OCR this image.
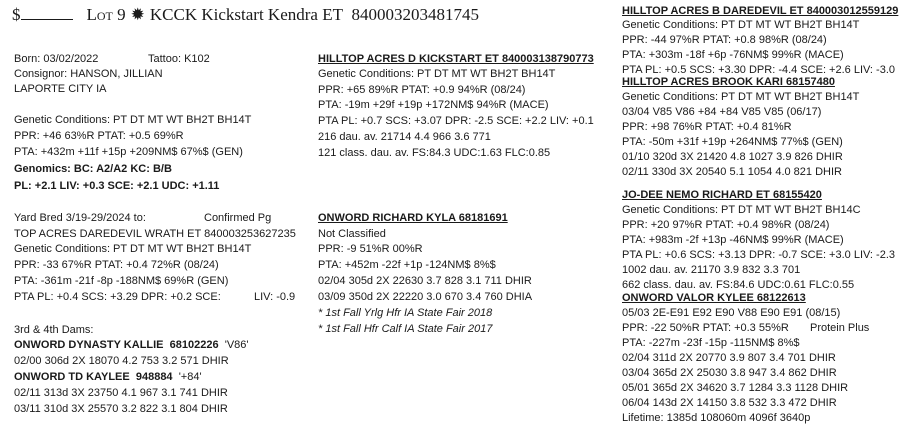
$	Lot 9 ✹ KCCK Kickstart Kendra ET 840003203481745
Born: 03/02/2022	Tattoo: K102
Consignor: HANSON, JILLIAN
LAPORTE CITY IA
Genetic Conditions: PT DT MT WT BH2T BH14T
PPR: +46 63%R PTAT: +0.5 69%R
PTA: +432m +11f +15p +209NM$ 67%$ (GEN)
Genomics: BC: A2/A2 KC: B/B
PL: +2.1 LIV: +0.3 SCE: +2.1 UDC: +1.11
Yard Bred 3/19-29/2024 to:	Confirmed Pg
TOP ACRES DAREDEVIL WRATH ET 840003253627235
Genetic Conditions: PT DT MT WT BH2T BH14T
PPR: -33 67%R PTAT: +0.4 72%R (08/24)
PTA: -361m -21f -8p -188NM$ 69%R (GEN)
PTA PL: +0.4 SCS: +3.29 DPR: +0.2 SCE:	LIV: -0.9
3rd & 4th Dams:
ONWORD DYNASTY KALLIE 68102226 'V86'
02/00 306d 2X 18070 4.2 753 3.2 571 DHIR
ONWORD TD KAYLEE 948884 '+84'
02/11 313d 3X 23750 4.1 967 3.1 741 DHIR
03/11 310d 3X 25570 3.2 822 3.1 804 DHIR
HILLTOP ACRES D KICKSTART ET 840003138790773
Genetic Conditions: PT DT MT WT BH2T BH14T
PPR: +65 89%R PTAT: +0.9 94%R (08/24)
PTA: -19m +29f +19p +172NM$ 94%R (MACE)
PTA PL: +0.7 SCS: +3.07 DPR: -2.5 SCE: +2.2 LIV: +0.1
216 dau. av. 21714 4.4 966 3.6 771
121 class. dau. av. FS:84.3 UDC:1.63 FLC:0.85
ONWORD RICHARD KYLA 68181691
Not Classified
PPR: -9 51%R 00%R
PTA: +452m -22f +1p -124NM$ 8%$
02/04 305d 2X 22630 3.7 828 3.1 711 DHIR
03/09 350d 2X 22220 3.0 670 3.4 760 DHIA
* 1st Fall Yrlg Hfr IA State Fair 2018
* 1st Fall Hfr Calf IA State Fair 2017
HILLTOP ACRES B DAREDEVIL ET 840003012559129
Genetic Conditions: PT DT MT WT BH2T BH14T
PPR: -44 97%R PTAT: +0.8 98%R (08/24)
PTA: +303m -18f +6p -76NM$ 99%R (MACE)
PTA PL: +0.5 SCS: +3.30 DPR: -4.4 SCE: +2.6 LIV: -3.0
HILLTOP ACRES BROOK KARI 68157480
Genetic Conditions: PT DT MT WT BH2T BH14T
03/04 V85 V86 +84 +84 V85 V85 (06/17)
PPR: +98 76%R PTAT: +0.4 81%R
PTA: -50m +31f +19p +264NM$ 77%$ (GEN)
01/10 320d 3X 21420 4.8 1027 3.9 826 DHIR
02/11 330d 3X 20540 5.1 1054 4.0 821 DHIR
JO-DEE NEMO RICHARD ET 68155420
Genetic Conditions: PT DT MT WT BH2T BH14C
PPR: +20 97%R PTAT: +0.4 98%R (08/24)
PTA: +983m -2f +13p -46NM$ 99%R (MACE)
PTA PL: +0.6 SCS: +3.13 DPR: -0.7 SCE: +3.0 LIV: -2.3
1002 dau. av. 21170 3.9 832 3.3 701
662 class. dau. av. FS:84.6 UDC:0.61 FLC:0.55
ONWORD VALOR KYLEE 68122613
05/03 2E-E91 E92 E90 V88 E90 E91 (08/15)
PPR: -22 50%R PTAT: +0.3 55%R Protein Plus
PTA: -227m -23f -15p -115NM$ 8%$
02/04 311d 2X 20770 3.9 807 3.4 701 DHIR
03/04 365d 2X 25030 3.8 947 3.4 862 DHIR
05/01 365d 2X 34620 3.7 1284 3.3 1128 DHIR
06/04 143d 2X 14150 3.8 532 3.3 472 DHIR
Lifetime: 1385d 108060m 4096f 3640p
